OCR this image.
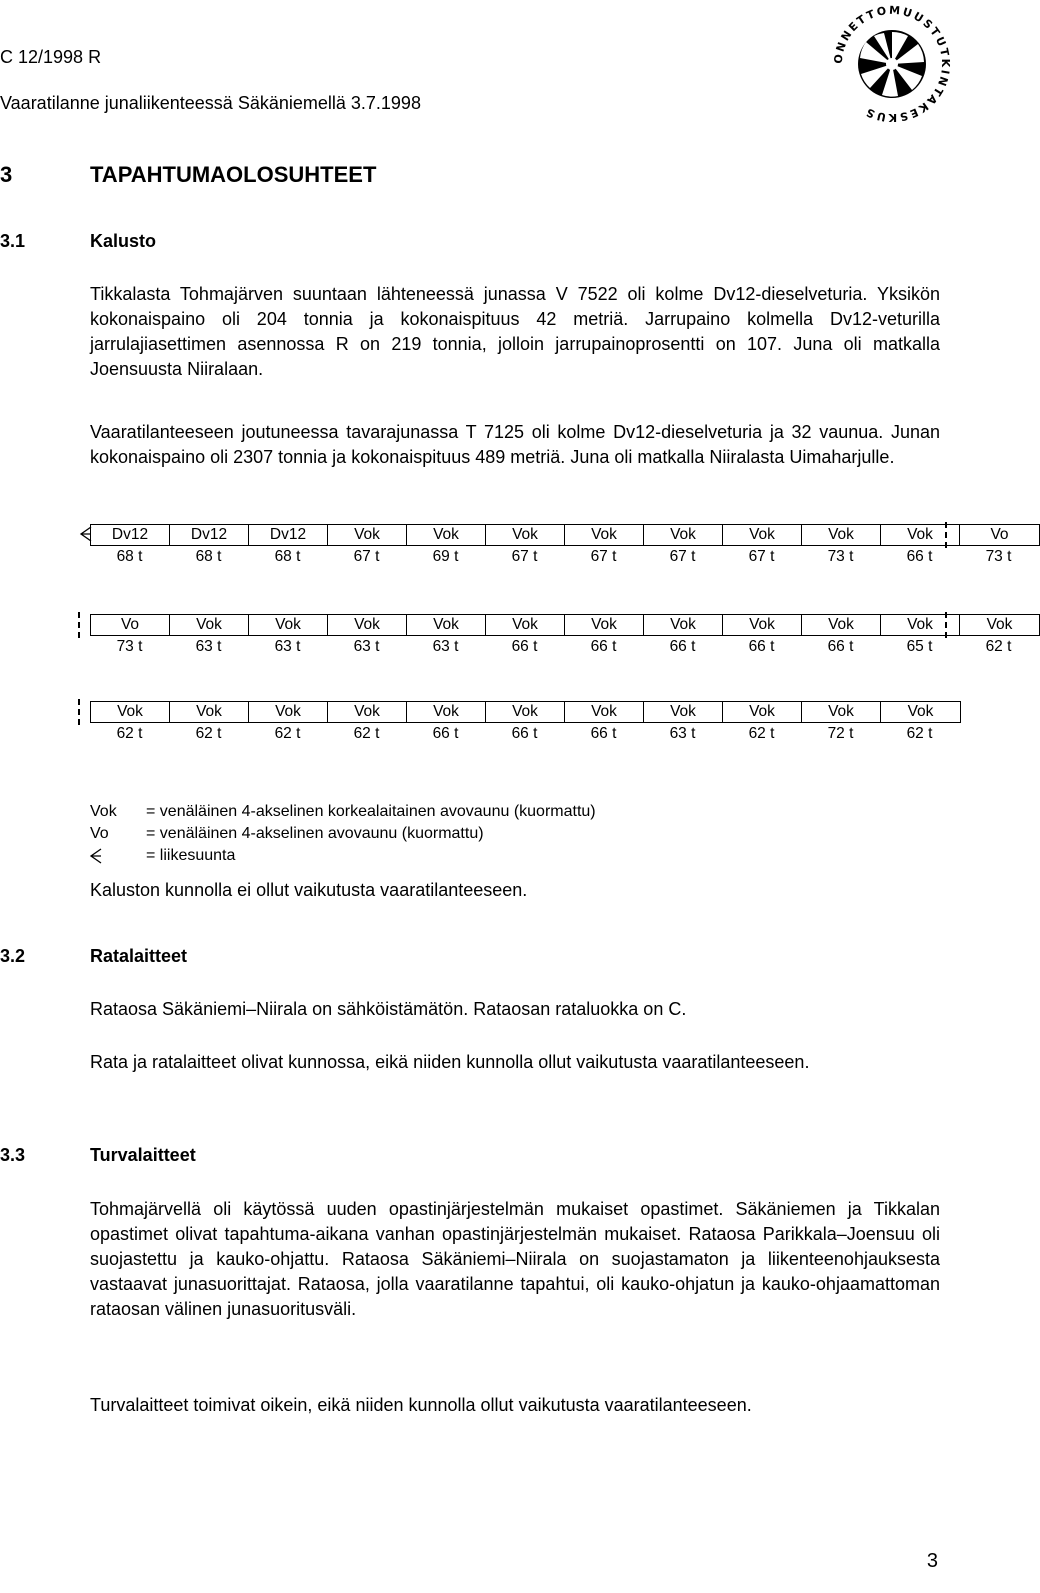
C 12/1998 R
Vaaratilanne junaliikenteessä Säkäniemellä 3.7.1998
ONNETTOMUUSTUTKINTAKESKUS
3	TAPAHTUMAOLOSUHTEET
3.1	Kalusto

Tikkalasta Tohmajärven suuntaan lähteneessä junassa V 7522 oli kolme Dv12-dieselveturia. Yksikön kokonaispaino oli 204 tonnia ja kokonaispituus 42 metriä. Jarrupaino kolmella Dv12-veturilla jarrulajiasettimen asennossa R on 219 tonnia, jolloin jarrupainoprosentti on 107. Juna oli matkalla Joensuusta Niiralaan.

Vaaratilanteeseen joutuneessa tavarajunassa T 7125 oli kolme Dv12-dieselveturia ja 32 vaunua. Junan kokonaispaino oli 2307 tonnia ja kokonaispituus 489 metriä. Juna oli matkalla Niiralasta Uimaharjulle.

Dv12	Dv12	Dv12	Vok	Vok	Vok	Vok	Vok	Vok	Vok	Vok	Vo
68 t	68 t	68 t	67 t	69 t	67 t	67 t	67 t	67 t	73 t	66 t	73 t
Vo	Vok	Vok	Vok	Vok	Vok	Vok	Vok	Vok	Vok	Vok	Vok
73 t	63 t	63 t	63 t	63 t	66 t	66 t	66 t	66 t	66 t	65 t	62 t
Vok	Vok	Vok	Vok	Vok	Vok	Vok	Vok	Vok	Vok	Vok
62 t	62 t	62 t	62 t	66 t	66 t	66 t	63 t	62 t	72 t	62 t
Vok	= venäläinen 4-akselinen korkealaitainen avovaunu (kuormattu)
Vo	= venäläinen 4-akselinen avovaunu (kuormattu)
= liikesuunta

Kaluston kunnolla ei ollut vaikutusta vaaratilanteeseen.

3.2	Ratalaitteet

Rataosa Säkäniemi–Niirala on sähköistämätön. Rataosan rataluokka on C.

Rata ja ratalaitteet olivat kunnossa, eikä niiden kunnolla ollut vaikutusta vaaratilanteeseen.

3.3	Turvalaitteet

Tohmajärvellä oli käytössä uuden opastinjärjestelmän mukaiset opastimet. Säkäniemen ja Tikkalan opastimet olivat tapahtuma-aikana vanhan opastinjärjestelmän mukaiset. Rataosa Parikkala–Joensuu oli suojastettu ja kauko-ohjattu. Rataosa Säkäniemi–Niirala on suojastamaton ja liikenteenohjauksesta vastaavat junasuorittajat. Rataosa, jolla vaaratilanne tapahtui, oli kauko-ohjatun ja kauko-ohjaamattoman rataosan välinen junasuoritusväli.

Turvalaitteet toimivat oikein, eikä niiden kunnolla ollut vaikutusta vaaratilanteeseen.

3
